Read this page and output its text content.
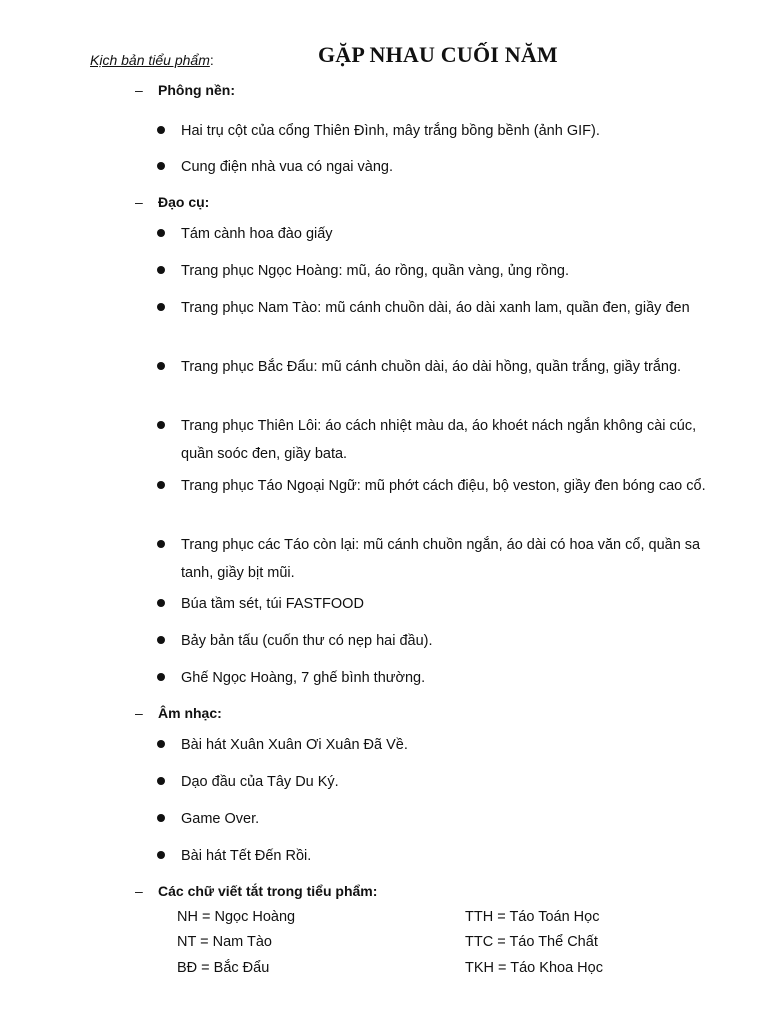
Kịch bản tiểu phẩm:	GẶP NHAU CUỐI NĂM
– Phông nền:
Hai trụ cột của cổng Thiên Đình, mây trắng bồng bềnh (ảnh GIF).
Cung điện nhà vua có ngai vàng.
– Đạo cụ:
Tám cành hoa đào giấy
Trang phục Ngọc Hoàng: mũ, áo rồng, quần vàng, ủng rồng.
Trang phục Nam Tào: mũ cánh chuồn dài, áo dài xanh lam, quần đen, giầy đen
Trang phục Bắc Đẩu: mũ cánh chuồn dài, áo dài hồng, quần trắng, giầy trắng.
Trang phục Thiên Lôi: áo cách nhiệt màu da, áo khoét nách ngắn không cài cúc, quần soóc đen, giầy bata.
Trang phục Táo Ngoại Ngữ: mũ phớt cách điệu, bộ veston, giầy đen bóng cao cổ.
Trang phục các Táo còn lại: mũ cánh chuồn ngắn, áo dài có hoa văn cổ, quần sa tanh, giầy bịt mũi.
Búa tầm sét, túi FASTFOOD
Bảy bản tấu (cuốn thư có nẹp hai đầu).
Ghế Ngọc Hoàng, 7 ghế bình thường.
– Âm nhạc:
Bài hát Xuân Xuân Ơi Xuân Đã Về.
Dạo đầu của Tây Du Ký.
Game Over.
Bài hát Tết Đến Rồi.
– Các chữ viết tắt trong tiểu phẩm:
NH = Ngọc Hoàng
NT = Nam Tào
BĐ = Bắc Đẩu
TTH = Táo Toán Học
TTC = Táo Thể Chất
TKH = Táo Khoa Học
